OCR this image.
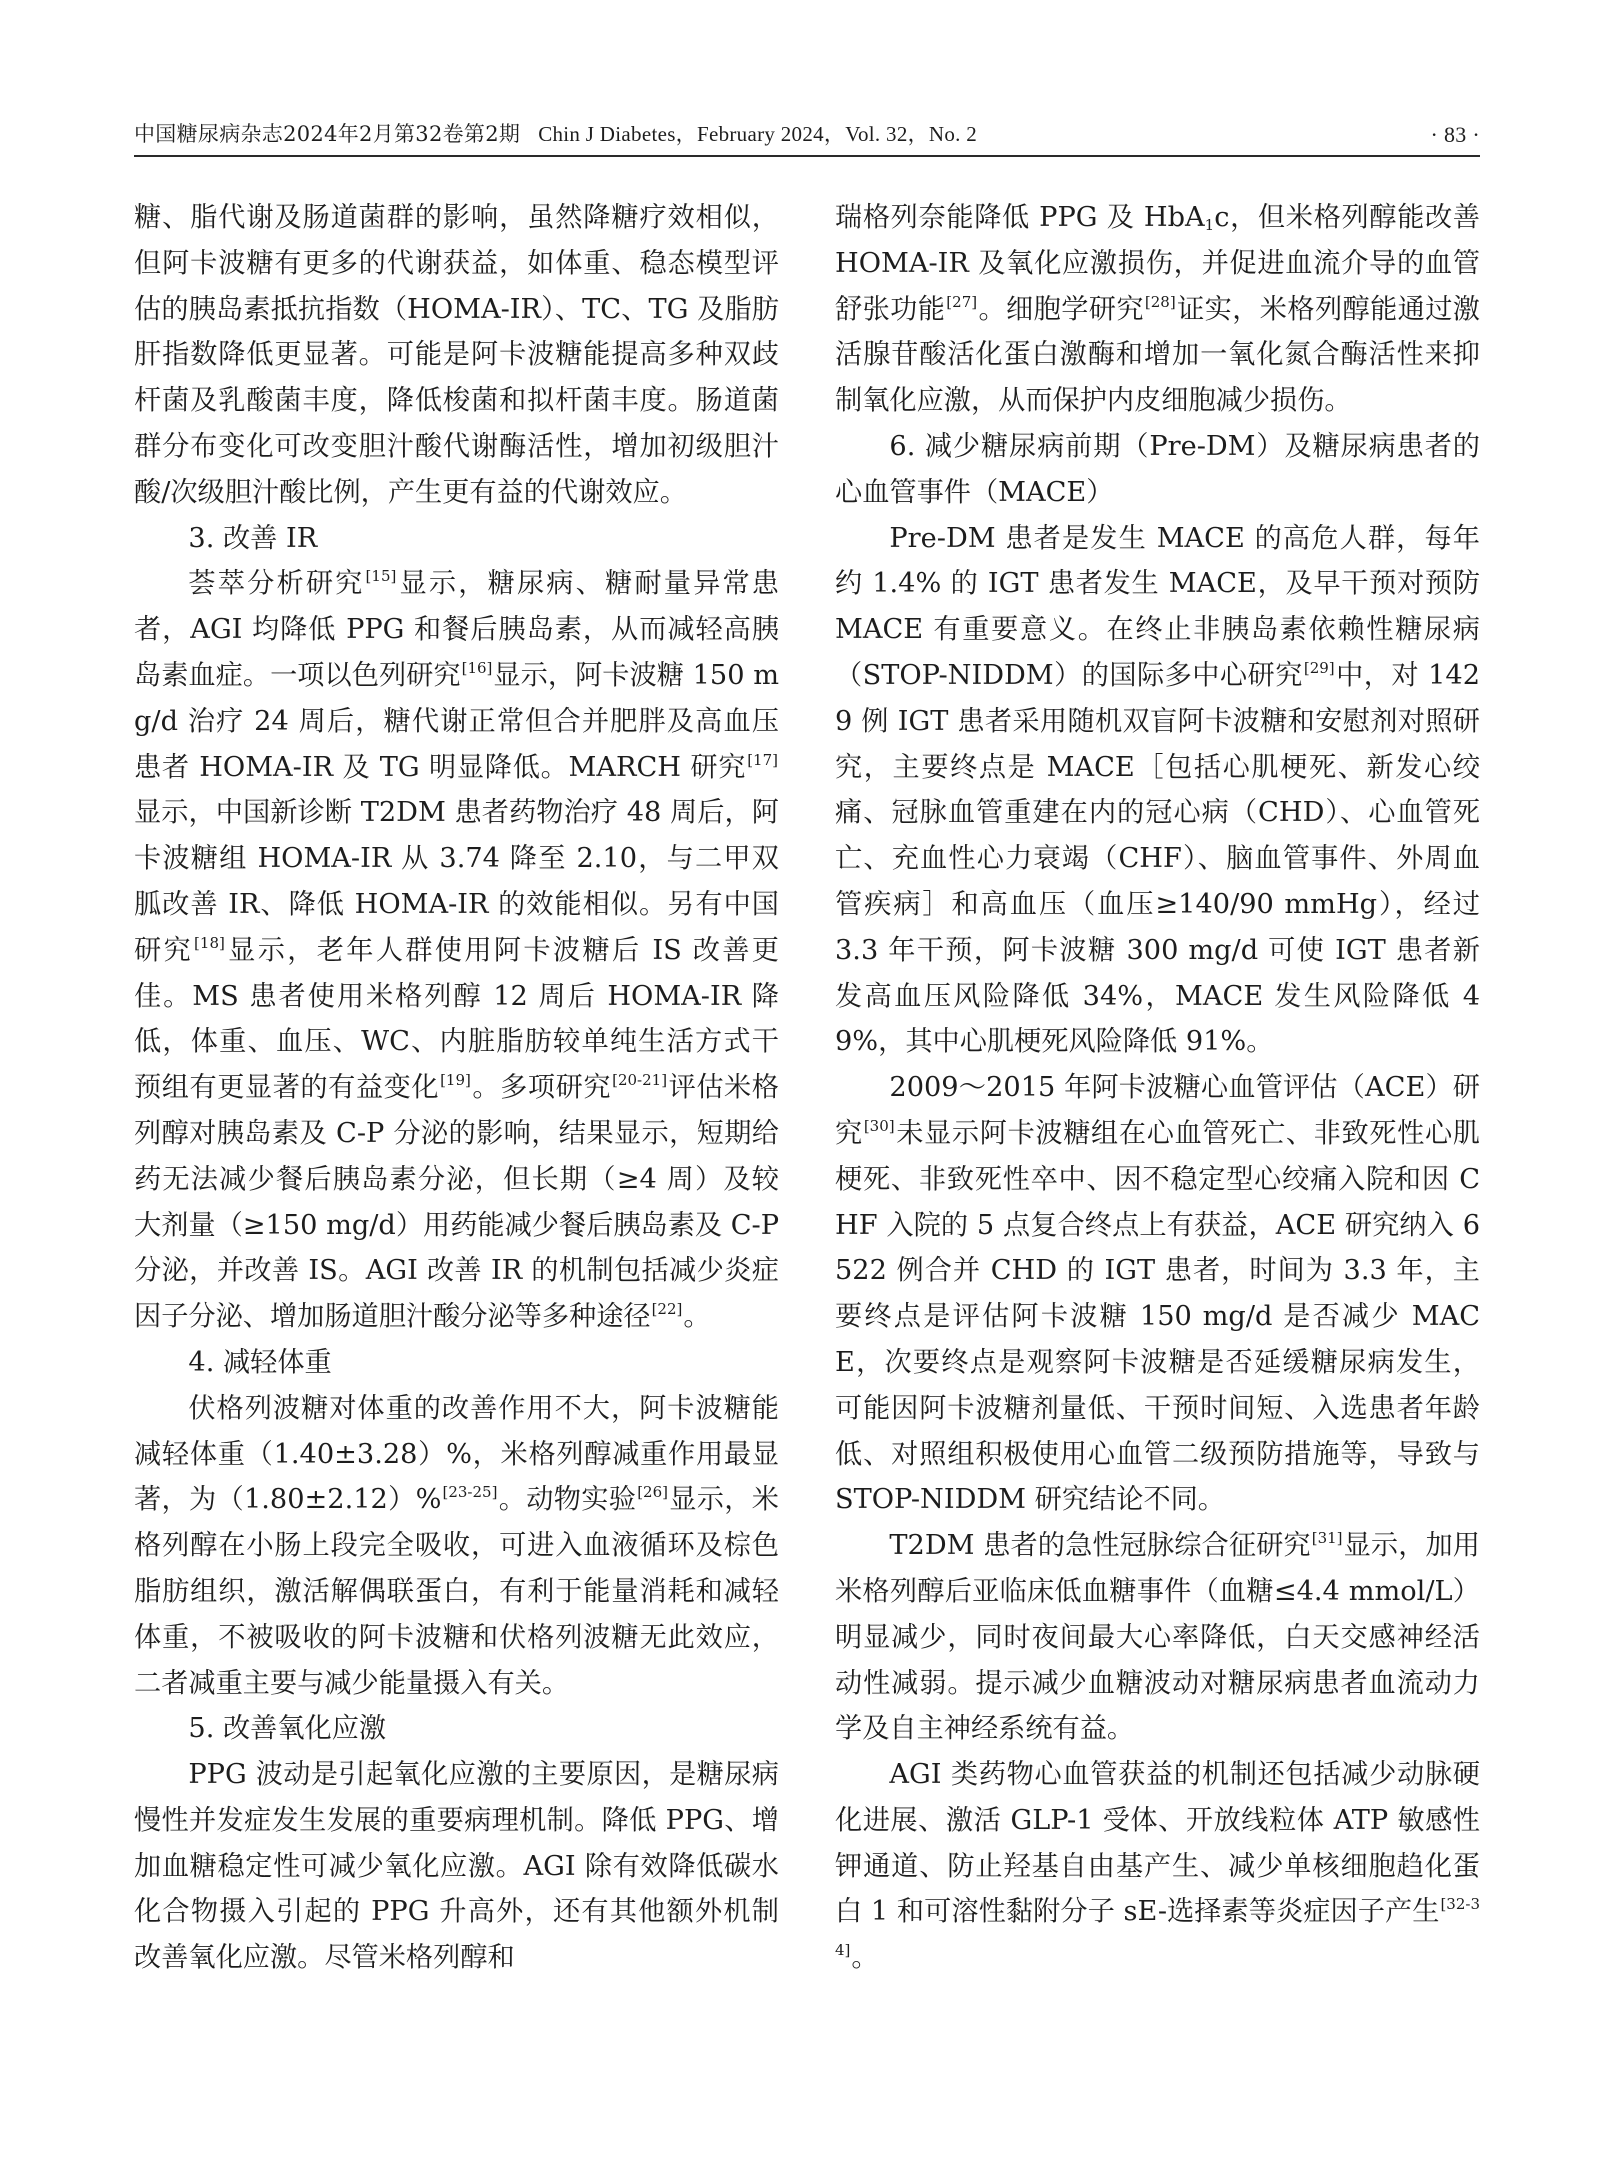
中国糖尿病杂志2024年2月第32卷第2期 Chin J Diabetes，February 2024，Vol. 32，No. 2	· 83 ·

糖、脂代谢及肠道菌群的影响，虽然降糖疗效相似，但阿卡波糖有更多的代谢获益，如体重、稳态模型评估的胰岛素抵抗指数（HOMA-IR）、TC、TG 及脂肪肝指数降低更显著。可能是阿卡波糖能提高多种双歧杆菌及乳酸菌丰度，降低梭菌和拟杆菌丰度。肠道菌群分布变化可改变胆汁酸代谢酶活性，增加初级胆汁酸/次级胆汁酸比例，产生更有益的代谢效应。

3. 改善 IR

荟萃分析研究[15]显示，糖尿病、糖耐量异常患者，AGI 均降低 PPG 和餐后胰岛素，从而减轻高胰岛素血症。一项以色列研究[16]显示，阿卡波糖 150 mg/d 治疗 24 周后，糖代谢正常但合并肥胖及高血压患者 HOMA-IR 及 TG 明显降低。MARCH 研究[17]显示，中国新诊断 T2DM 患者药物治疗 48 周后，阿卡波糖组 HOMA-IR 从 3.74 降至 2.10，与二甲双胍改善 IR、降低 HOMA-IR 的效能相似。另有中国研究[18]显示，老年人群使用阿卡波糖后 IS 改善更佳。MS 患者使用米格列醇 12 周后 HOMA-IR 降低，体重、血压、WC、内脏脂肪较单纯生活方式干预组有更显著的有益变化[19]。多项研究[20-21]评估米格列醇对胰岛素及 C-P 分泌的影响，结果显示，短期给药无法减少餐后胰岛素分泌，但长期（≥4 周）及较大剂量（≥150 mg/d）用药能减少餐后胰岛素及 C-P 分泌，并改善 IS。AGI 改善 IR 的机制包括减少炎症因子分泌、增加肠道胆汁酸分泌等多种途径[22]。

4. 减轻体重

伏格列波糖对体重的改善作用不大，阿卡波糖能减轻体重（1.40±3.28）%，米格列醇减重作用最显著，为（1.80±2.12）%[23-25]。动物实验[26]显示，米格列醇在小肠上段完全吸收，可进入血液循环及棕色脂肪组织，激活解偶联蛋白，有利于能量消耗和减轻体重，不被吸收的阿卡波糖和伏格列波糖无此效应，二者减重主要与减少能量摄入有关。

5. 改善氧化应激

PPG 波动是引起氧化应激的主要原因，是糖尿病慢性并发症发生发展的重要病理机制。降低 PPG、增加血糖稳定性可减少氧化应激。AGI 除有效降低碳水化合物摄入引起的 PPG 升高外，还有其他额外机制改善氧化应激。尽管米格列醇和

瑞格列奈能降低 PPG 及 HbA$_1$c，但米格列醇能改善 HOMA-IR 及氧化应激损伤，并促进血流介导的血管舒张功能[27]。细胞学研究[28]证实，米格列醇能通过激活腺苷酸活化蛋白激酶和增加一氧化氮合酶活性来抑制氧化应激，从而保护内皮细胞减少损伤。

6. 减少糖尿病前期（Pre-DM）及糖尿病患者的心血管事件（MACE）

Pre-DM 患者是发生 MACE 的高危人群，每年约 1.4% 的 IGT 患者发生 MACE，及早干预对预防 MACE 有重要意义。在终止非胰岛素依赖性糖尿病（STOP-NIDDM）的国际多中心研究[29]中，对 1429 例 IGT 患者采用随机双盲阿卡波糖和安慰剂对照研究，主要终点是 MACE［包括心肌梗死、新发心绞痛、冠脉血管重建在内的冠心病（CHD）、心血管死亡、充血性心力衰竭（CHF）、脑血管事件、外周血管疾病］和高血压（血压≥140/90 mmHg），经过 3.3 年干预，阿卡波糖 300 mg/d 可使 IGT 患者新发高血压风险降低 34%，MACE 发生风险降低 49%，其中心肌梗死风险降低 91%。

2009～2015 年阿卡波糖心血管评估（ACE）研究[30]未显示阿卡波糖组在心血管死亡、非致死性心肌梗死、非致死性卒中、因不稳定型心绞痛入院和因 CHF 入院的 5 点复合终点上有获益，ACE 研究纳入 6522 例合并 CHD 的 IGT 患者，时间为 3.3 年，主要终点是评估阿卡波糖 150 mg/d 是否减少 MACE，次要终点是观察阿卡波糖是否延缓糖尿病发生，可能因阿卡波糖剂量低、干预时间短、入选患者年龄低、对照组积极使用心血管二级预防措施等，导致与 STOP-NIDDM 研究结论不同。

T2DM 患者的急性冠脉综合征研究[31]显示，加用米格列醇后亚临床低血糖事件（血糖≤4.4 mmol/L）明显减少，同时夜间最大心率降低，白天交感神经活动性减弱。提示减少血糖波动对糖尿病患者血流动力学及自主神经系统有益。

AGI 类药物心血管获益的机制还包括减少动脉硬化进展、激活 GLP-1 受体、开放线粒体 ATP 敏感性钾通道、防止羟基自由基产生、减少单核细胞趋化蛋白 1 和可溶性黏附分子 sE-选择素等炎症因子产生[32-34]。
